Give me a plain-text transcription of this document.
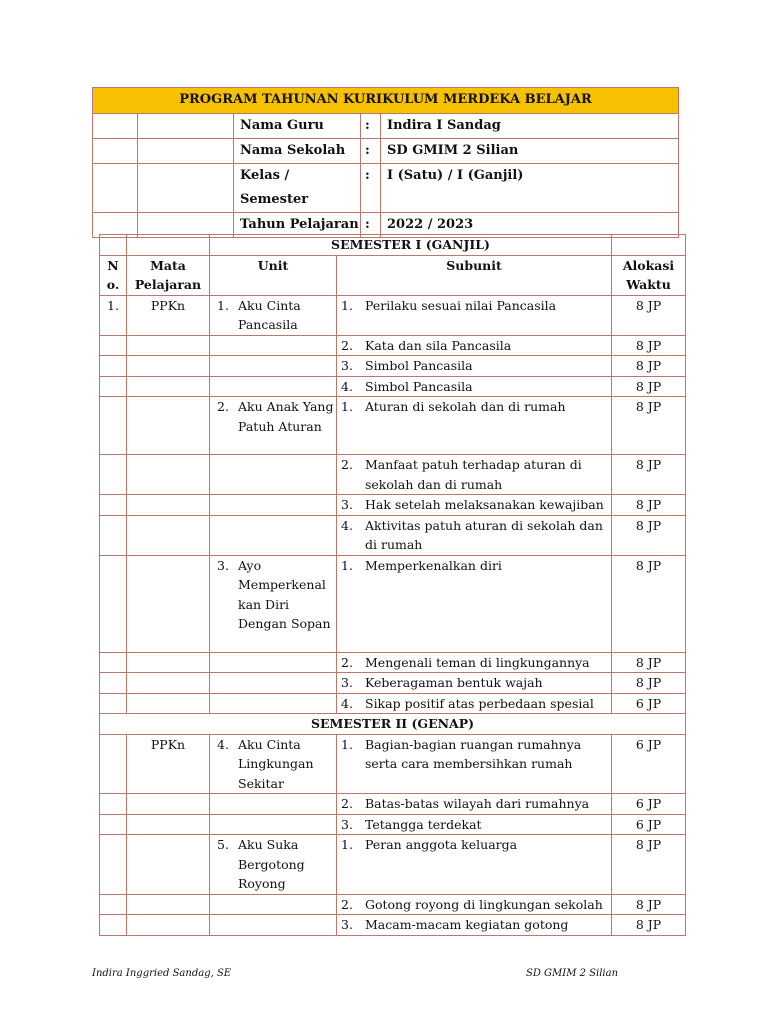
PROGRAM TAHUNAN KURIKULUM MERDEKA BELAJAR				
		Nama Guru	:	Indira I Sandag
		Nama Sekolah	:	SD GMIM 2 Silian
		Kelas / Semester	:	I (Satu) / I (Ganjil)
		Tahun Pelajaran	:	2022 / 2023
		SEMESTER I (GANJIL)		
N o.	Mata Pelajaran	Unit	Subunit	Alokasi Waktu
1.	PPKn	1. Aku Cinta Pancasila	1. Perilaku sesuai nilai Pancasila	8 JP

			2. Kata dan sila Pancasila	8 JP

			3. Simbol Pancasila	8 JP

			4. Simbol Pancasila	8 JP

		2. Aku Anak Yang Patuh Aturan	1. Aturan di sekolah dan di rumah	8 JP

			2. Manfaat patuh terhadap aturan di sekolah dan di rumah	8 JP

			3. Hak setelah melaksanakan kewajiban	8 JP

			4. Aktivitas patuh aturan di sekolah dan di rumah	8 JP

		3. Ayo Memperkenal kan Diri Dengan Sopan	1. Memperkenalkan diri	8 JP

			2. Mengenali teman di lingkungannya	8 JP

			3. Keberagaman bentuk wajah	8 JP

			4. Sikap positif atas perbedaan spesial	6 JP
SEMESTER II (GENAP)				
	PPKn	4. Aku Cinta Lingkungan Sekitar	1. Bagian-bagian ruangan rumahnya serta cara membersihkan rumah	6 JP

			2. Batas-batas wilayah dari rumahnya	6 JP

			3. Tetangga terdekat	6 JP

		5. Aku Suka Bergotong Royong	1. Peran anggota keluarga	8 JP

			2. Gotong royong di lingkungan sekolah	8 JP

			3. Macam-macam kegiatan gotong	8 JP
Indira Inggried Sandag, SE	SD GMIM 2 Silian
